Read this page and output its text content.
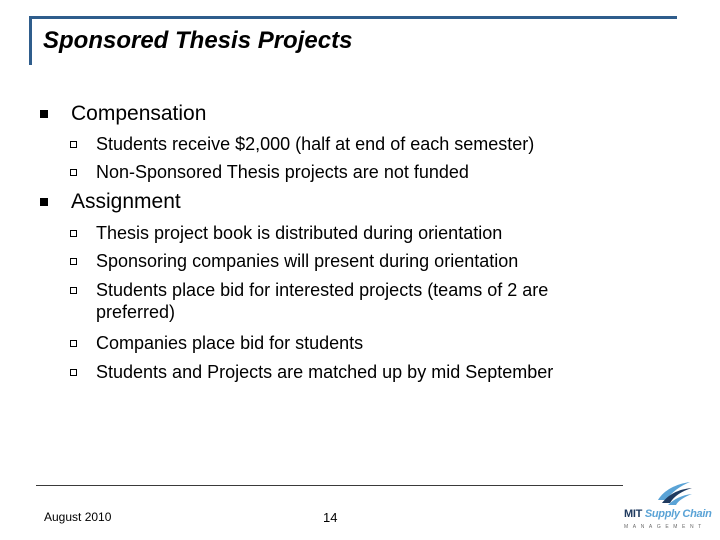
Sponsored Thesis Projects
Compensation
Students receive $2,000 (half at end of each semester)
Non-Sponsored Thesis projects are not funded
Assignment
Thesis project book is distributed during orientation
Sponsoring companies will present during orientation
Students place bid for interested projects (teams of 2 are preferred)
Companies place bid for students
Students and Projects are matched up by mid September
August 2010	14	MIT Supply Chain
MANAGEMENT
